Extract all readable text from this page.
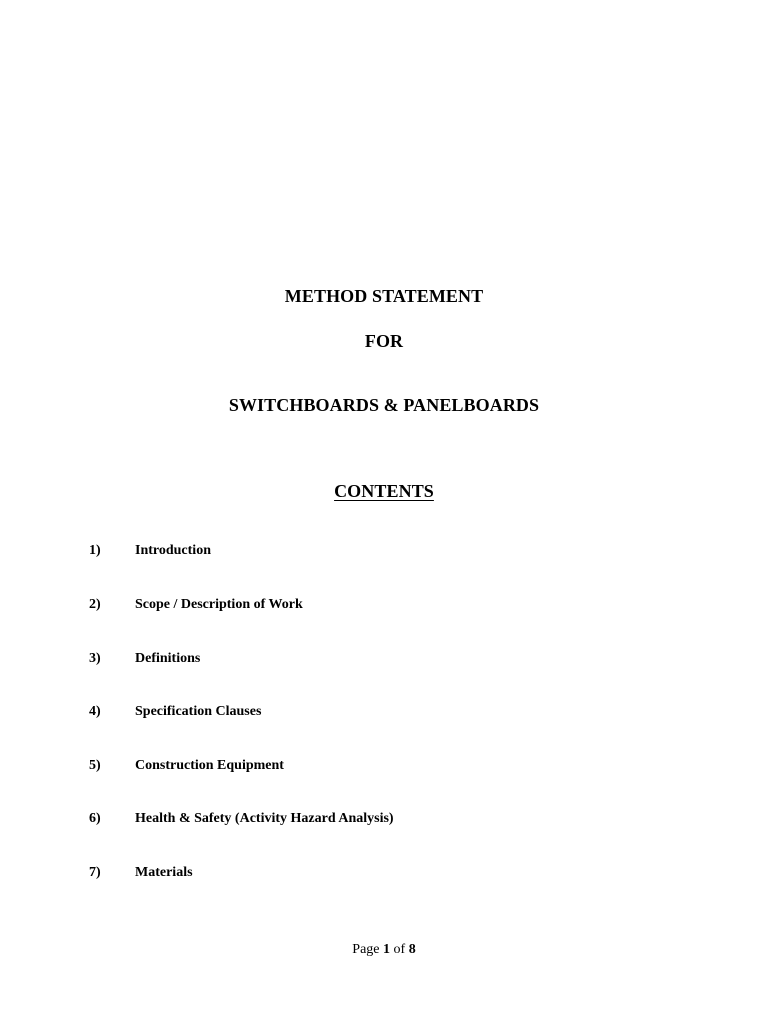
METHOD STATEMENT
FOR
SWITCHBOARDS & PANELBOARDS
CONTENTS
1) Introduction
2) Scope / Description of Work
3) Definitions
4) Specification Clauses
5) Construction Equipment
6) Health & Safety (Activity Hazard Analysis)
7) Materials
Page 1 of 8
